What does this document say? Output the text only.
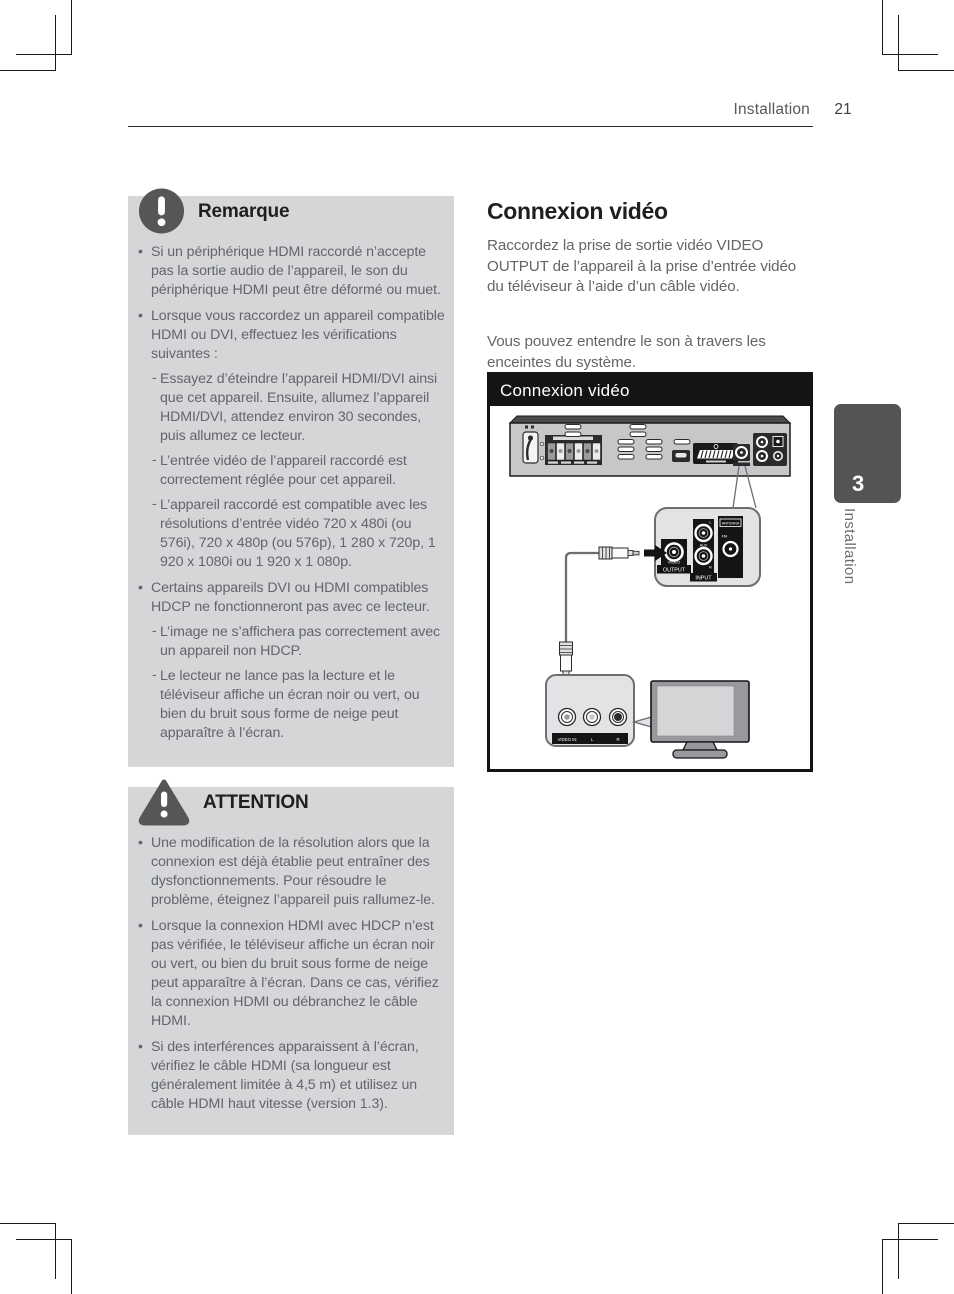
Installation	21
Remarque
• Si un périphérique HDMI raccordé n’accepte pas la sortie audio de l’appareil, le son du périphérique HDMI peut être déformé ou muet.
• Lorsque vous raccordez un appareil compatible HDMI ou DVI, effectuez les vérifications suivantes :
- Essayez d’éteindre l’appareil HDMI/DVI ainsi que cet appareil. Ensuite, allumez l’appareil HDMI/DVI, attendez environ 30 secondes, puis allumez ce lecteur.
- L’entrée vidéo de l’appareil raccordé est correctement réglée pour cet appareil.
- L’appareil raccordé est compatible avec les résolutions d’entrée vidéo 720 x 480i (ou 576i), 720 x 480p (ou 576p), 1 280 x 720p, 1 920 x 1080i ou 1 920 x 1 080p.
• Certains appareils DVI ou HDMI compatibles HDCP ne fonctionneront pas avec ce lecteur.
- L’image ne s’affichera pas correctement avec un appareil non HDCP.
- Le lecteur ne lance pas la lecture et le téléviseur affiche un écran noir ou vert, ou bien du bruit sous forme de neige peut apparaître à l’écran.
ATTENTION
• Une modification de la résolution alors que la connexion est déjà établie peut entraîner des dysfonctionnements. Pour résoudre le problème, éteignez l’appareil puis rallumez-le.
• Lorsque la connexion HDMI avec HDCP n’est pas vérifiée, le téléviseur affiche un écran noir ou vert, ou bien du bruit sous forme de neige peut apparaître à l’écran. Dans ce cas, vérifiez la connexion HDMI ou débranchez le câble HDMI.
• Si des interférences apparaissent à l’écran, vérifiez le câble HDMI (sa longueur est généralement limitée à 4,5 m) et utilisez un câble HDMI haut vitesse (version 1.3).
Connexion vidéo

Raccordez la prise de sortie vidéo VIDEO OUTPUT de l’appareil à la prise d’entrée vidéo du téléviseur à l’aide d’un câble vidéo.

Vous pouvez entendre le son à travers les enceintes du système.

Connexion vidéo
VIDEO
OUTPUT
L
AUX
R
INPUT
ANTENNA
FM
VIDEO IN	L	R
3
Installation
